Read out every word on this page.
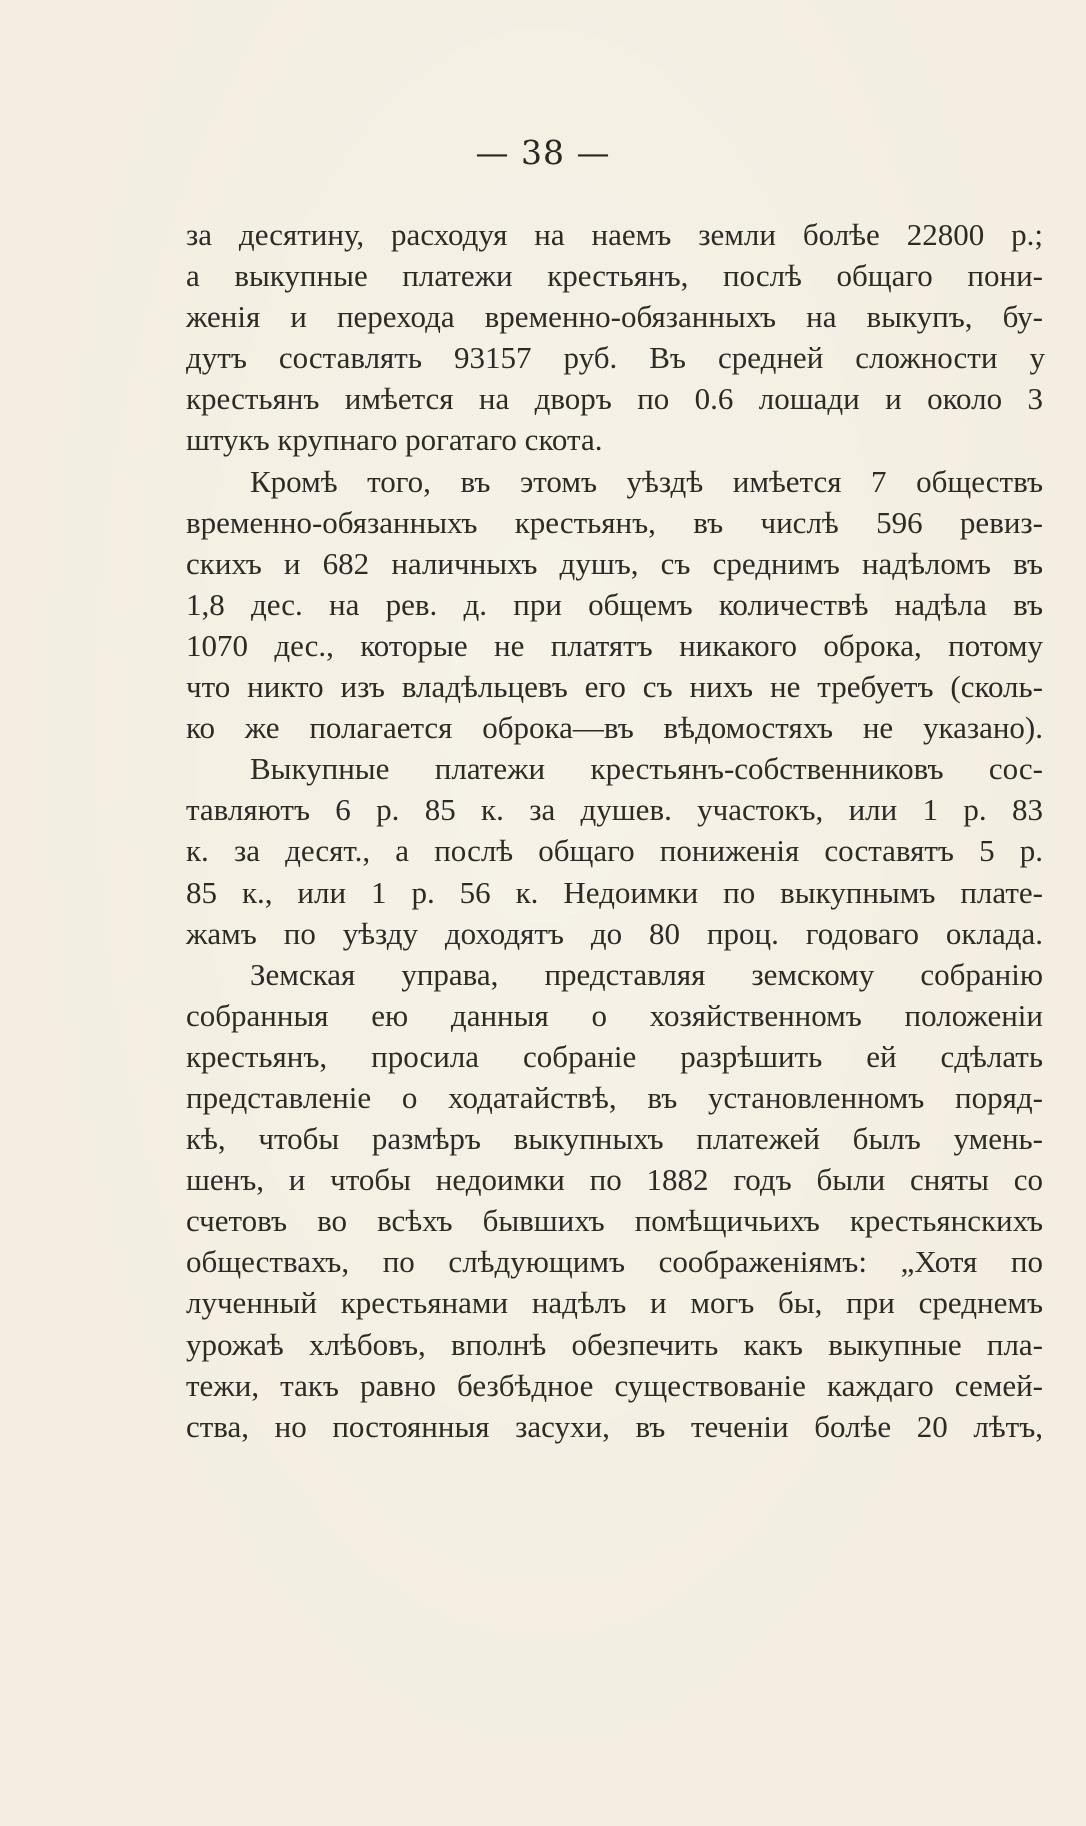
— 38 —
за десятину, расходуя на наемъ земли болѣе 22800 р.;
а выкупные платежи крестьянъ, послѣ общаго пони-
женія и перехода временно-обязанныхъ на выкупъ, бу-
дутъ составлять 93157 руб. Въ средней сложности у
крестьянъ имѣется на дворъ по 0.6 лошади и около 3
штукъ крупнаго рогатаго скота.
Кромѣ того, въ этомъ уѣздѣ имѣется 7 обществъ
временно-обязанныхъ крестьянъ, въ числѣ 596 ревиз-
скихъ и 682 наличныхъ душъ, съ среднимъ надѣломъ въ
1,8 дес. на рев. д. при общемъ количествѣ надѣла въ
1070 дес., которые не платятъ никакого оброка, потому
что никто изъ владѣльцевъ его съ нихъ не требуетъ (сколь-
ко же полагается оброка—въ вѣдомостяхъ не указано).
Выкупные платежи крестьянъ-собственниковъ сос-
тавляютъ 6 р. 85 к. за душев. участокъ, или 1 р. 83
к. за десят., а послѣ общаго пониженія составятъ 5 р.
85 к., или 1 р. 56 к. Недоимки по выкупнымъ плате-
жамъ по уѣзду доходятъ до 80 проц. годоваго оклада.
Земская управа, представляя земскому собранію
собранныя ею данныя о хозяйственномъ положеніи
крестьянъ, просила собраніе разрѣшить ей сдѣлать
представленіе о ходатайствѣ, въ установленномъ поряд-
кѣ, чтобы размѣръ выкупныхъ платежей былъ умень-
шенъ, и чтобы недоимки по 1882 годъ были сняты со
счетовъ во всѣхъ бывшихъ помѣщичьихъ крестьянскихъ
обществахъ, по слѣдующимъ соображеніямъ: „Хотя по
лученный крестьянами надѣлъ и могъ бы, при среднемъ
урожаѣ хлѣбовъ, вполнѣ обезпечить какъ выкупные пла-
тежи, такъ равно безбѣдное существованіе каждаго семей-
ства, но постоянныя засухи, въ теченіи болѣе 20 лѣтъ,
